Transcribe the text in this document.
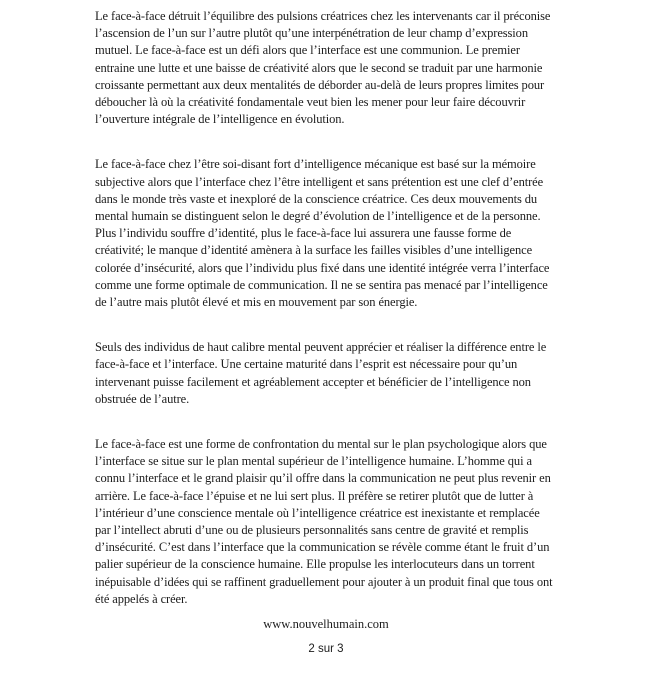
Le face-à-face détruit l’équilibre des pulsions créatrices chez les intervenants car il préconise l’ascension de l’un sur l’autre plutôt qu’une interpénétration de leur champ d’expression mutuel. Le face-à-face est un défi alors que l’interface est une communion. Le premier entraine une lutte et une baisse de créativité alors que le second se traduit par une harmonie croissante permettant aux deux mentalités de déborder au-delà de leurs propres limites pour déboucher là où la créativité fondamentale veut bien les mener pour leur faire découvrir l’ouverture intégrale de l’intelligence en évolution.

Le face-à-face chez l’être soi-disant fort d’intelligence mécanique est basé sur la mémoire subjective alors que l’interface chez l’être intelligent et sans prétention est une clef d’entrée dans le monde très vaste et inexploré de la conscience créatrice. Ces deux mouvements du mental humain se distinguent selon le degré d’évolution de l’intelligence et de la personne. Plus l’individu souffre d’identité, plus le face-à-face lui assurera une fausse forme de créativité; le manque d’identité amènera à la surface les failles visibles d’une intelligence colorée d’insécurité, alors que l’individu plus fixé dans une identité intégrée verra l’interface comme une forme optimale de communication. Il ne se sentira pas menacé par l’intelligence de l’autre mais plutôt élevé et mis en mouvement par son énergie.

Seuls des individus de haut calibre mental peuvent apprécier et réaliser la différence entre le face-à-face et l’interface. Une certaine maturité dans l’esprit est nécessaire pour qu’un intervenant puisse facilement et agréablement accepter et bénéficier de l’intelligence non obstruée de l’autre.

Le face-à-face est une forme de confrontation du mental sur le plan psychologique alors que l’interface se situe sur le plan mental supérieur de l’intelligence humaine. L’homme qui a connu l’interface et le grand plaisir qu’il offre dans la communication ne peut plus revenir en arrière. Le face-à-face l’épuise et ne lui sert plus. Il préfère se retirer plutôt que de lutter à l’intérieur d’une conscience mentale où l’intelligence créatrice est inexistante et remplacée par l’intellect abruti d’une ou de plusieurs personnalités sans centre de gravité et remplis d’insécurité. C’est dans l’interface que la communication se révèle comme étant le fruit d’un palier supérieur de la conscience humaine. Elle propulse les interlocuteurs dans un torrent inépuisable d’idées qui se raffinent graduellement pour ajouter à un produit final que tous ont été appelés à créer.

www.nouvelhumain.com
2 sur 3
